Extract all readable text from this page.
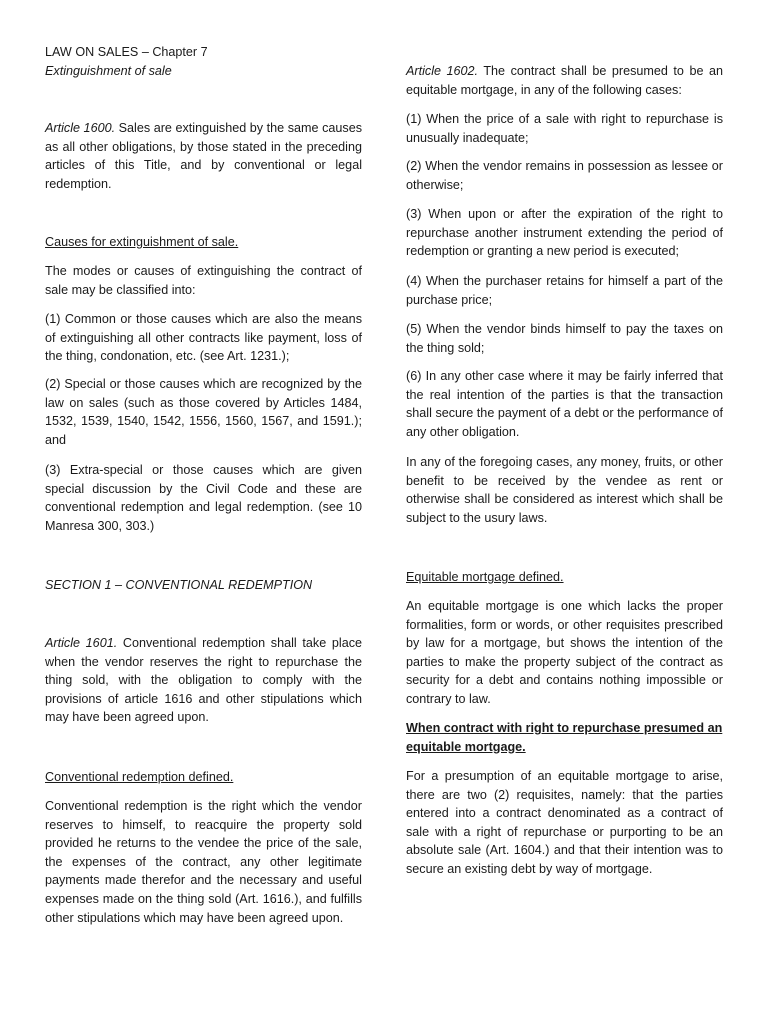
LAW ON SALES – Chapter 7

Extinguishment of sale

Article 1600. Sales are extinguished by the same causes as all other obligations, by those stated in the preceding articles of this Title, and by conventional or legal redemption.

Causes for extinguishment of sale.

The modes or causes of extinguishing the contract of sale may be classified into:

(1) Common or those causes which are also the means of extinguishing all other contracts like payment, loss of the thing, condonation, etc. (see Art. 1231.);

(2) Special or those causes which are recognized by the law on sales (such as those covered by Articles 1484, 1532, 1539, 1540, 1542, 1556, 1560, 1567, and 1591.); and

(3) Extra-special or those causes which are given special discussion by the Civil Code and these are conventional redemption and legal redemption. (see 10 Manresa 300, 303.)

SECTION 1 – CONVENTIONAL REDEMPTION

Article 1601. Conventional redemption shall take place when the vendor reserves the right to repurchase the thing sold, with the obligation to comply with the provisions of article 1616 and other stipulations which may have been agreed upon.

Conventional redemption defined.

Conventional redemption is the right which the vendor reserves to himself, to reacquire the property sold provided he returns to the vendee the price of the sale, the expenses of the contract, any other legitimate payments made therefor and the necessary and useful expenses made on the thing sold (Art. 1616.), and fulfills other stipulations which may have been agreed upon.

Article 1602. The contract shall be presumed to be an equitable mortgage, in any of the following cases:

(1) When the price of a sale with right to repurchase is unusually inadequate;

(2) When the vendor remains in possession as lessee or otherwise;

(3) When upon or after the expiration of the right to repurchase another instrument extending the period of redemption or granting a new period is executed;

(4) When the purchaser retains for himself a part of the purchase price;

(5) When the vendor binds himself to pay the taxes on the thing sold;

(6) In any other case where it may be fairly inferred that the real intention of the parties is that the transaction shall secure the payment of a debt or the performance of any other obligation.

In any of the foregoing cases, any money, fruits, or other benefit to be received by the vendee as rent or otherwise shall be considered as interest which shall be subject to the usury laws.

Equitable mortgage defined.

An equitable mortgage is one which lacks the proper formalities, form or words, or other requisites prescribed by law for a mortgage, but shows the intention of the parties to make the property subject of the contract as security for a debt and contains nothing impossible or contrary to law.

When contract with right to repurchase presumed an equitable mortgage.

For a presumption of an equitable mortgage to arise, there are two (2) requisites, namely: that the parties entered into a contract denominated as a contract of sale with a right of repurchase or purporting to be an absolute sale (Art. 1604.) and that their intention was to secure an existing debt by way of mortgage.
